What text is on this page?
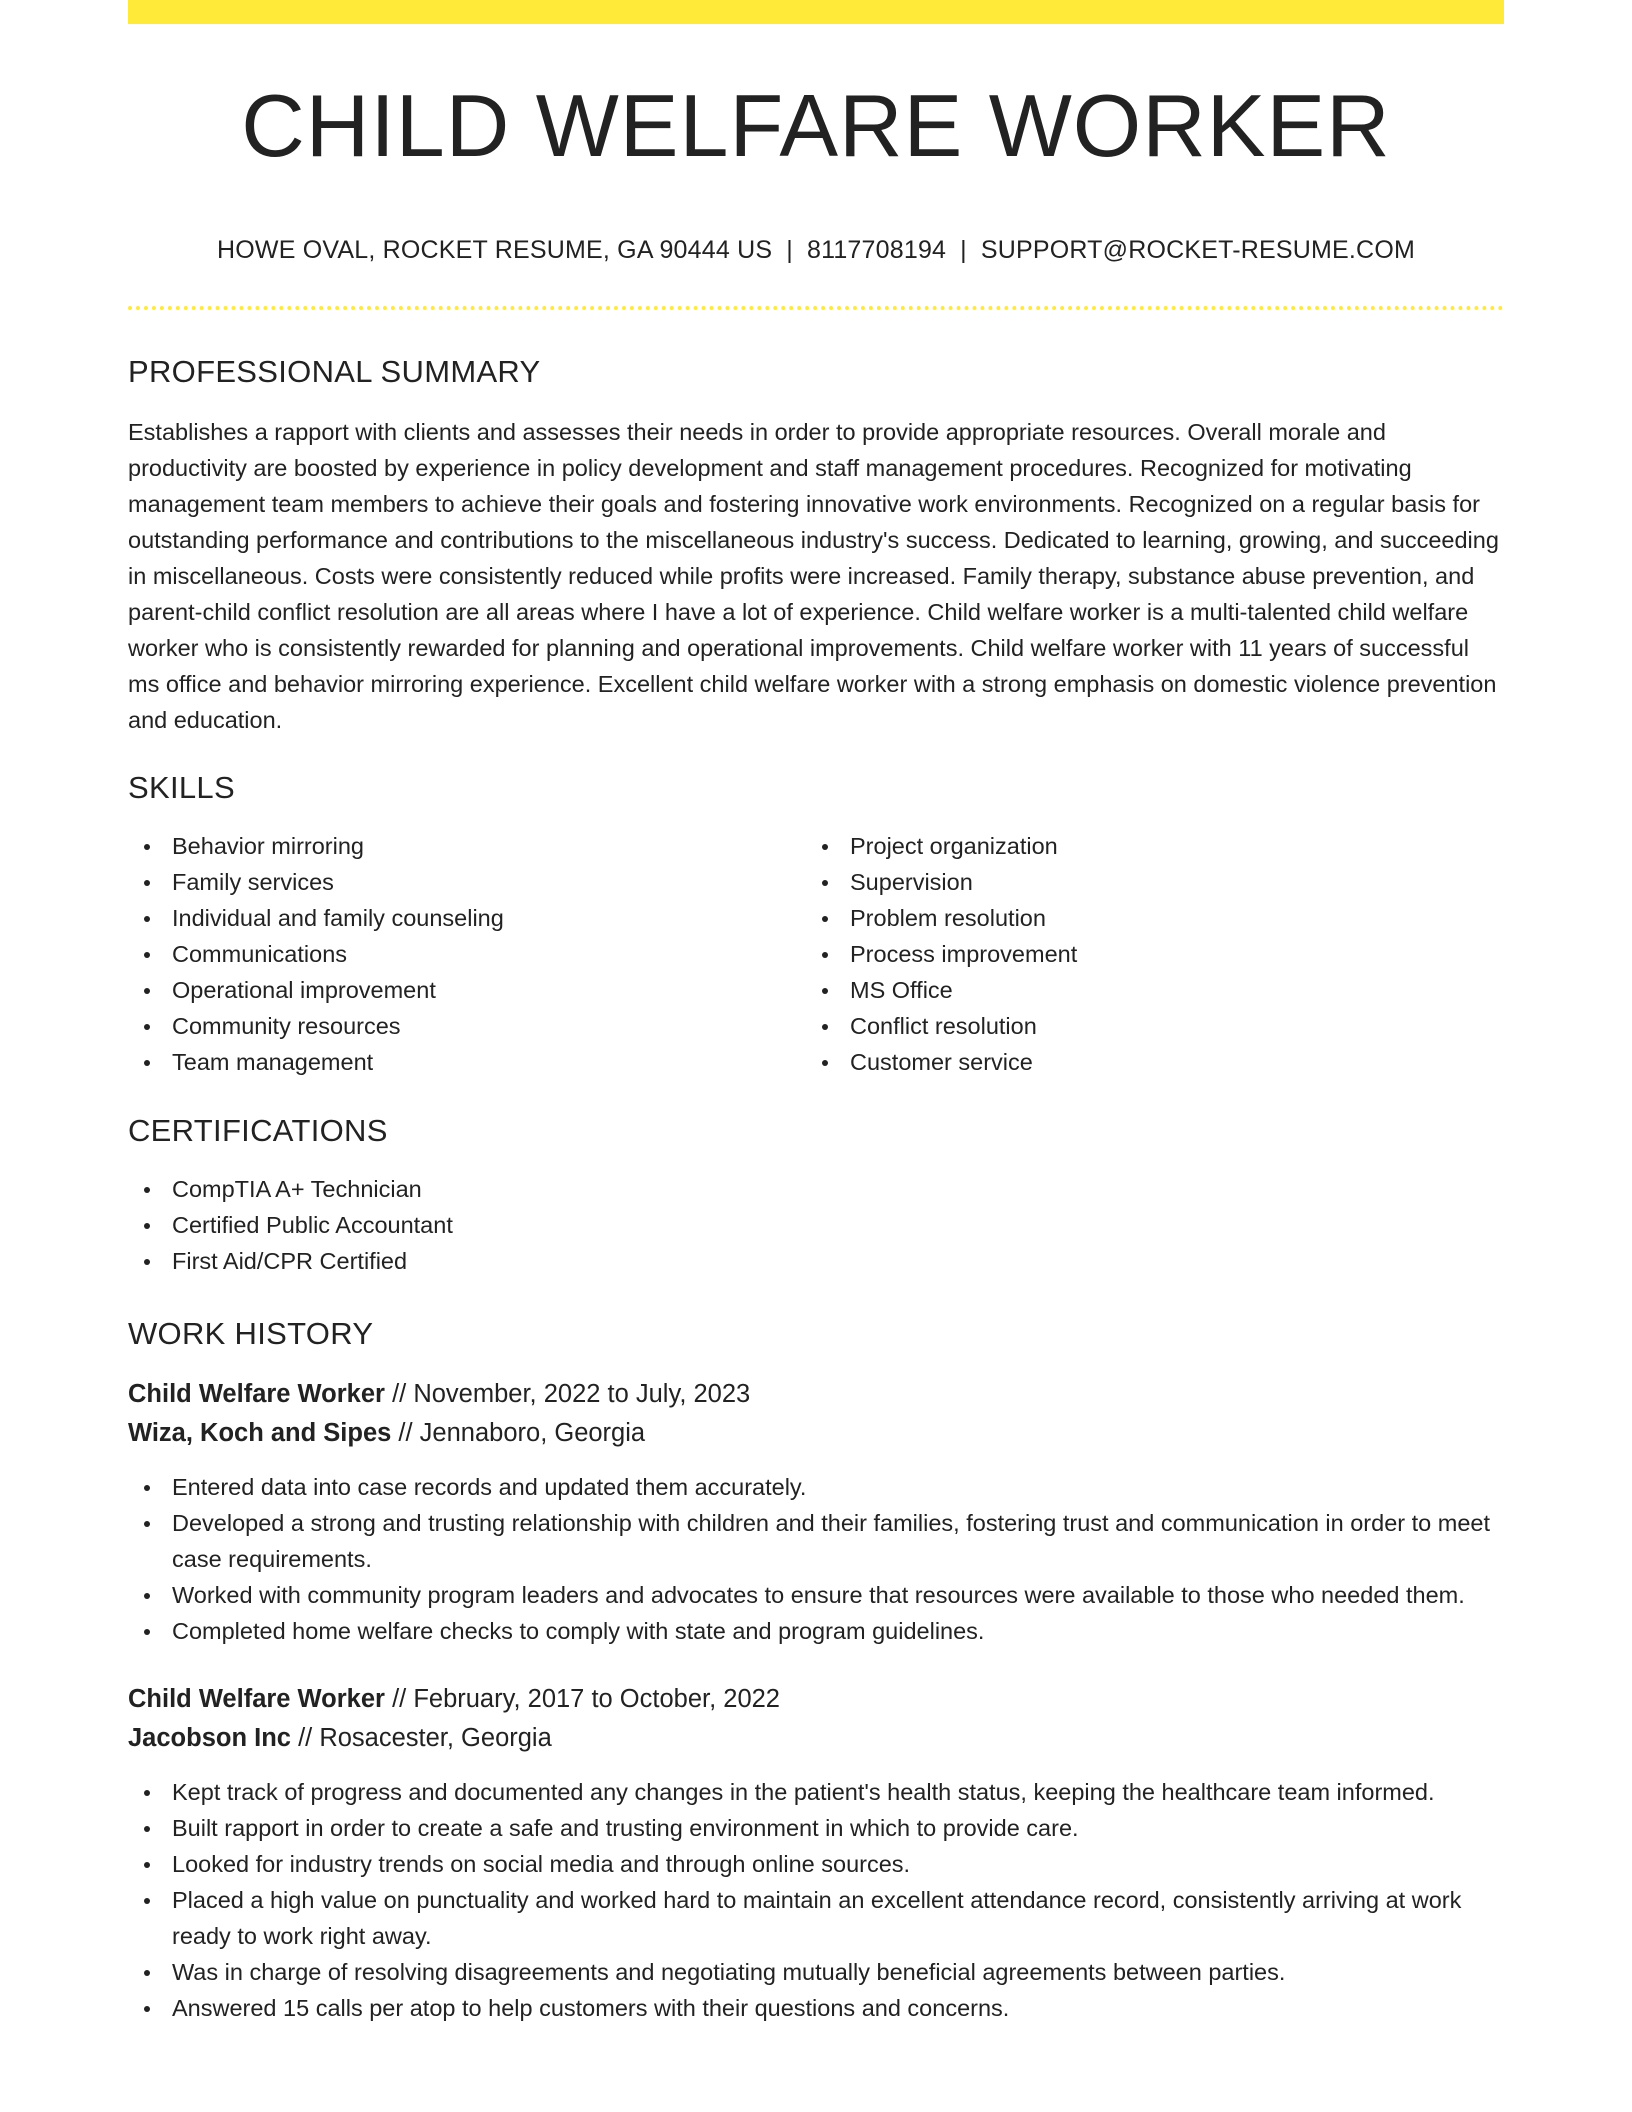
CHILD WELFARE WORKER
HOWE OVAL, ROCKET RESUME, GA 90444 US | 8117708194 | SUPPORT@ROCKET-RESUME.COM
PROFESSIONAL SUMMARY

Establishes a rapport with clients and assesses their needs in order to provide appropriate resources. Overall morale and productivity are boosted by experience in policy development and staff management procedures. Recognized for motivating management team members to achieve their goals and fostering innovative work environments. Recognized on a regular basis for outstanding performance and contributions to the miscellaneous industry's success. Dedicated to learning, growing, and succeeding in miscellaneous. Costs were consistently reduced while profits were increased. Family therapy, substance abuse prevention, and parent-child conflict resolution are all areas where I have a lot of experience. Child welfare worker is a multi-talented child welfare worker who is consistently rewarded for planning and operational improvements. Child welfare worker with 11 years of successful ms office and behavior mirroring experience. Excellent child welfare worker with a strong emphasis on domestic violence prevention and education.

SKILLS
Behavior mirroring
Family services
Individual and family counseling
Communications
Operational improvement
Community resources
Team management
Project organization
Supervision
Problem resolution
Process improvement
MS Office
Conflict resolution
Customer service
CERTIFICATIONS
CompTIA A+ Technician
Certified Public Accountant
First Aid/CPR Certified
WORK HISTORY
Child Welfare Worker // November, 2022 to July, 2023
Wiza, Koch and Sipes // Jennaboro, Georgia
Entered data into case records and updated them accurately.
Developed a strong and trusting relationship with children and their families, fostering trust and communication in order to meet case requirements.
Worked with community program leaders and advocates to ensure that resources were available to those who needed them.
Completed home welfare checks to comply with state and program guidelines.
Child Welfare Worker // February, 2017 to October, 2022
Jacobson Inc // Rosacester, Georgia
Kept track of progress and documented any changes in the patient's health status, keeping the healthcare team informed.
Built rapport in order to create a safe and trusting environment in which to provide care.
Looked for industry trends on social media and through online sources.
Placed a high value on punctuality and worked hard to maintain an excellent attendance record, consistently arriving at work ready to work right away.
Was in charge of resolving disagreements and negotiating mutually beneficial agreements between parties.
Answered 15 calls per atop to help customers with their questions and concerns.
